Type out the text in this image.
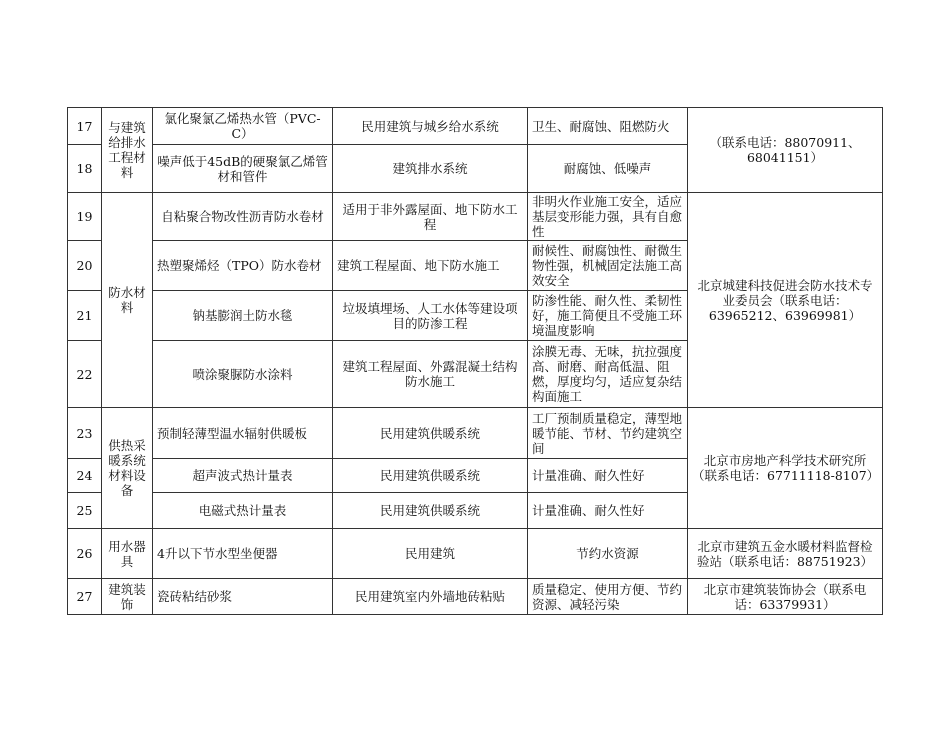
17	与建筑给排水工程材料	氯化聚氯乙烯热水管（PVC-C）	民用建筑与城乡给水系统	卫生、耐腐蚀、阻燃防火	（联系电话：88070911、68041151）
18		噪声低于45dB的硬聚氯乙烯管材和管件	建筑排水系统	耐腐蚀、低噪声	
19	防水材料	自粘聚合物改性沥青防水卷材	适用于非外露屋面、地下防水工程	非明火作业施工安全，适应基层变形能力强，具有自愈性	北京城建科技促进会防水技术专业委员会（联系电话：63965212、63969981）
20		热塑聚烯烃（TPO）防水卷材	建筑工程屋面、地下防水施工	耐候性、耐腐蚀性、耐微生物性强，机械固定法施工高效安全	
21		钠基膨润土防水毯	垃圾填埋场、人工水体等建设项目的防渗工程	防渗性能、耐久性、柔韧性好，施工简便且不受施工环境温度影响	
22		喷涂聚脲防水涂料	建筑工程屋面、外露混凝土结构防水施工	涂膜无毒、无味，抗拉强度高、耐磨、耐高低温、阻燃，厚度均匀，适应复杂结构面施工	
23	供热采暖系统材料设备	预制轻薄型温水辐射供暖板	民用建筑供暖系统	工厂预制质量稳定，薄型地暖节能、节材、节约建筑空间	北京市房地产科学技术研究所（联系电话：67711118-8107）
24		超声波式热计量表	民用建筑供暖系统	计量准确、耐久性好	
25		电磁式热计量表	民用建筑供暖系统	计量准确、耐久性好	
26	用水器具	4升以下节水型坐便器	民用建筑	节约水资源	北京市建筑五金水暖材料监督检验站（联系电话：88751923）
27	建筑装饰	瓷砖粘结砂浆	民用建筑室内外墙地砖粘贴	质量稳定、使用方便、节约资源、减轻污染	北京市建筑装饰协会（联系电话：63379931）
